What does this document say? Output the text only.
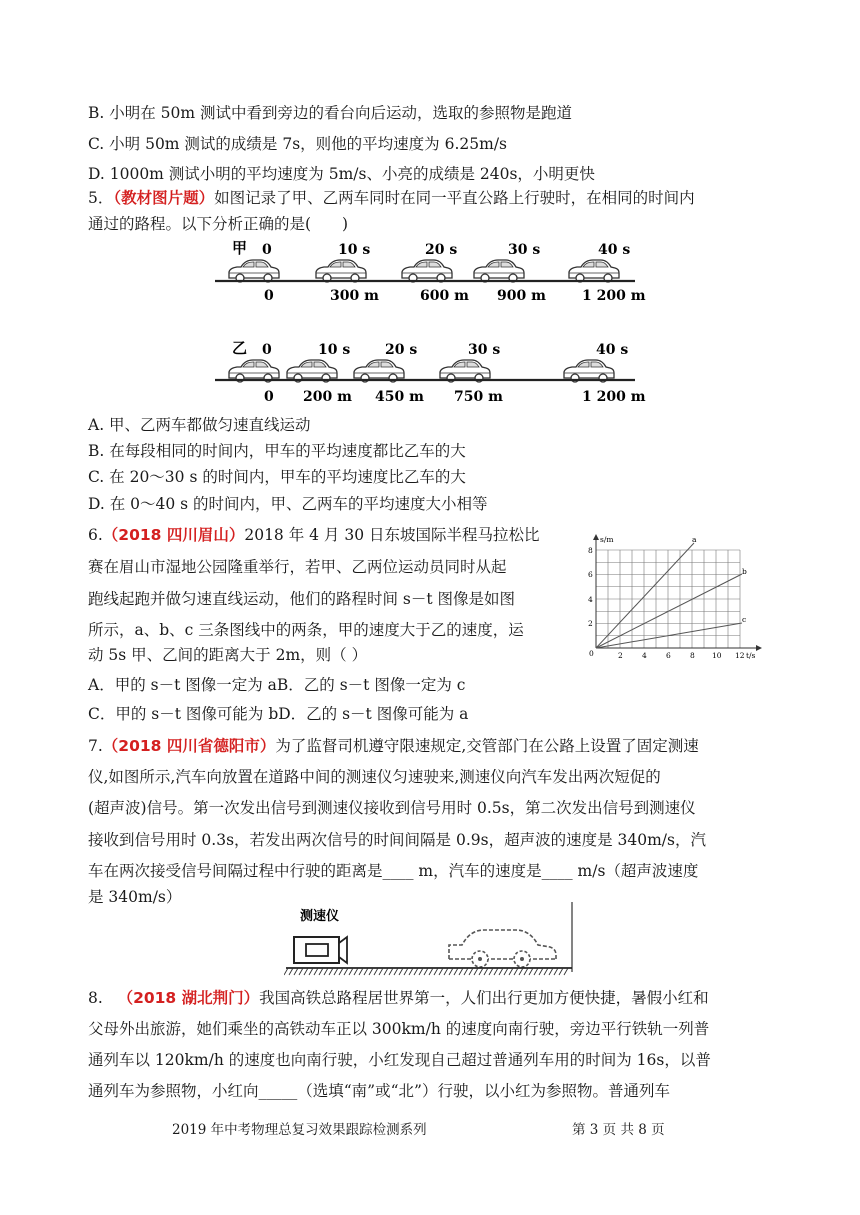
B. 小明在 50m 测试中看到旁边的看台向后运动，选取的参照物是跑道
C. 小明 50m 测试的成绩是 7s，则他的平均速度为 6.25m/s
D. 1000m 测试小明的平均速度为 5m/s、小亮的成绩是 240s，小明更快
5．（教材图片题）如图记录了甲、乙两车同时在同一平直公路上行驶时，在相同的时间内
通过的路程。以下分析正确的是(　　)
甲 0	10 s	20 s	30 s	40 s
0	300 m	600 m 900 m	1 200 m
乙 0	10 s 20 s	30 s	40 s
0 200 m 450 m 750 m	1 200 m
A. 甲、乙两车都做匀速直线运动
B. 在每段相同的时间内，甲车的平均速度都比乙车的大
C. 在 20～30 s 的时间内，甲车的平均速度比乙车的大
D. 在 0～40 s 的时间内，甲、乙两车的平均速度大小相等
6.（2018 四川眉山）2018 年 4 月 30 日东坡国际半程马拉松比
赛在眉山市湿地公园隆重举行，若甲、乙两位运动员同时从起
跑线起跑并做匀速直线运动，他们的路程时间 s－t 图像是如图
所示，a、b、c 三条图线中的两条，甲的速度大于乙的速度，运
动 5s 甲、乙间的距离大于 2m，则（ ）
A．甲的 s－t 图像一定为 aB．乙的 s－t 图像一定为 c
C．甲的 s－t 图像可能为 bD．乙的 s－t 图像可能为 a
s/m
t/s
0
2
4
6
8
2	4	6	8 10 12
a
b
c
7.（2018 四川省德阳市）为了监督司机遵守限速规定,交管部门在公路上设置了固定测速
仪,如图所示,汽车向放置在道路中间的测速仪匀速驶来,测速仪向汽车发出两次短促的
(超声波)信号。第一次发出信号到测速仪接收到信号用时 0.5s，第二次发出信号到测速仪
接收到信号用时 0.3s，若发出两次信号的时间间隔是 0.9s，超声波的速度是 340m/s，汽
车在两次接受信号间隔过程中行驶的距离是____ m，汽车的速度是____ m/s（超声波速度
是 340m/s）
测速仪
8. （2018 湖北荆门）我国高铁总路程居世界第一，人们出行更加方便快捷，暑假小红和
父母外出旅游，她们乘坐的高铁动车正以 300km/h 的速度向南行驶，旁边平行铁轨一列普
通列车以 120km/h 的速度也向南行驶，小红发现自己超过普通列车用的时间为 16s，以普
通列车为参照物，小红向_____（选填“南”或“北”）行驶，以小红为参照物。普通列车
2019 年中考物理总复习效果跟踪检测系列	第 3 页 共 8 页
